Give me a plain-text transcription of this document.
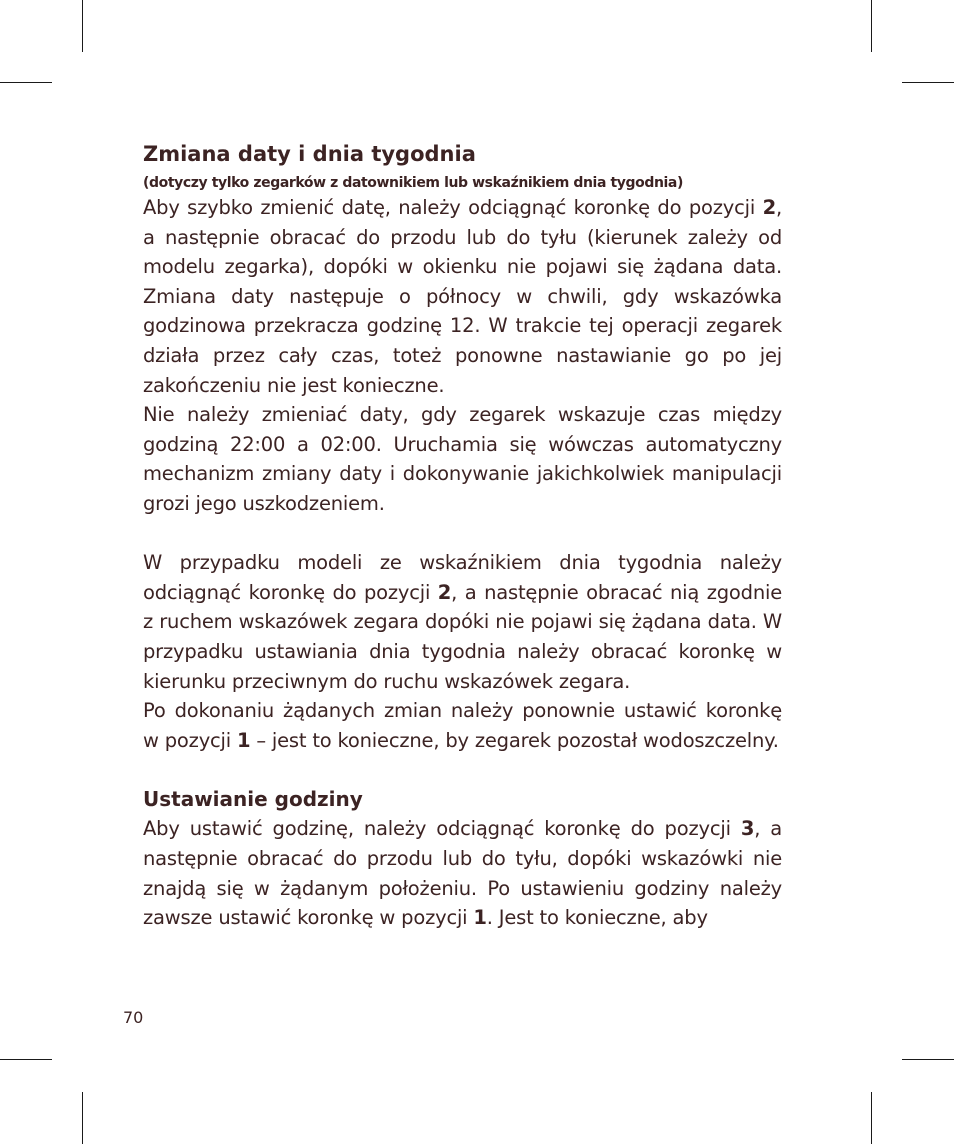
Zmiana daty i dnia tygodnia

(dotyczy tylko zegarków z datownikiem lub wskaźnikiem dnia tygodnia)

Aby szybko zmienić datę, należy odciągnąć koronkę do pozycji 2, a następnie obracać do przodu lub do tyłu (kierunek zależy od modelu zegarka), dopóki w okienku nie pojawi się żądana data. Zmiana daty następuje o północy w chwili, gdy wskazówka godzinowa przekracza godzinę 12. W trakcie tej operacji zegarek działa przez cały czas, toteż ponowne nastawianie go po jej zakończeniu nie jest konieczne.

Nie należy zmieniać daty, gdy zegarek wskazuje czas między godziną 22:00 a 02:00. Uruchamia się wówczas automatyczny mechanizm zmiany daty i dokonywanie jakichkolwiek manipulacji grozi jego uszkodzeniem.

W przypadku modeli ze wskaźnikiem dnia tygodnia należy odciągnąć koronkę do pozycji 2, a następnie obracać nią zgodnie z ruchem wskazówek zegara dopóki nie pojawi się żądana data. W przypadku ustawiania dnia tygodnia należy obracać koronkę w kierunku przeciwnym do ruchu wskazówek zegara.

Po dokonaniu żądanych zmian należy ponownie ustawić koronkę w pozycji 1 – jest to konieczne, by zegarek pozostał wodoszczelny.

Ustawianie godziny

Aby ustawić godzinę, należy odciągnąć koronkę do pozycji 3, a następnie obracać do przodu lub do tyłu, dopóki wskazówki nie znajdą się w żądanym położeniu. Po ustawieniu godziny należy zawsze ustawić koronkę w pozycji 1. Jest to konieczne, aby

70
